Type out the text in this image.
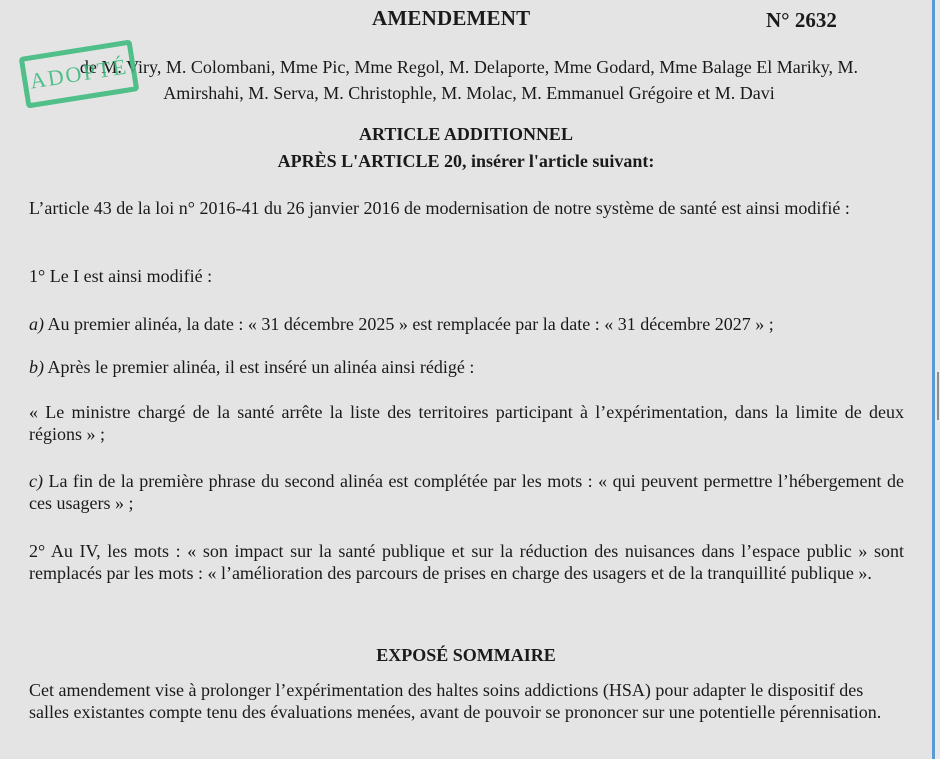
AMENDEMENT	N° 2632
de M. Viry, M. Colombani, Mme Pic, Mme Regol, M. Delaporte, Mme Godard, Mme Balage El Mariky, M.
Amirshahi, M. Serva, M. Christophle, M. Molac, M. Emmanuel Grégoire et M. Davi
ADOPTÉ
ARTICLE ADDITIONNEL
APRÈS L'ARTICLE 20, insérer l'article suivant:
L’article 43 de la loi n° 2016-41 du 26 janvier 2016 de modernisation de notre système de santé est ainsi modifié :
1° Le I est ainsi modifié :
a) Au premier alinéa, la date : « 31 décembre 2025 » est remplacée par la date : « 31 décembre 2027 » ;
b) Après le premier alinéa, il est inséré un alinéa ainsi rédigé :
« Le ministre chargé de la santé arrête la liste des territoires participant à l’expérimentation, dans la limite de deux régions » ;
c) La fin de la première phrase du second alinéa est complétée par les mots : « qui peuvent permettre l’hébergement de ces usagers » ;
2° Au IV, les mots : « son impact sur la santé publique et sur la réduction des nuisances dans l’espace public » sont remplacés par les mots : « l’amélioration des parcours de prises en charge des usagers et de la tranquillité publique ».
EXPOSÉ SOMMAIRE
Cet amendement vise à prolonger l’expérimentation des haltes soins addictions (HSA) pour adapter le dispositif des salles existantes compte tenu des évaluations menées, avant de pouvoir se prononcer sur une potentielle pérennisation.
